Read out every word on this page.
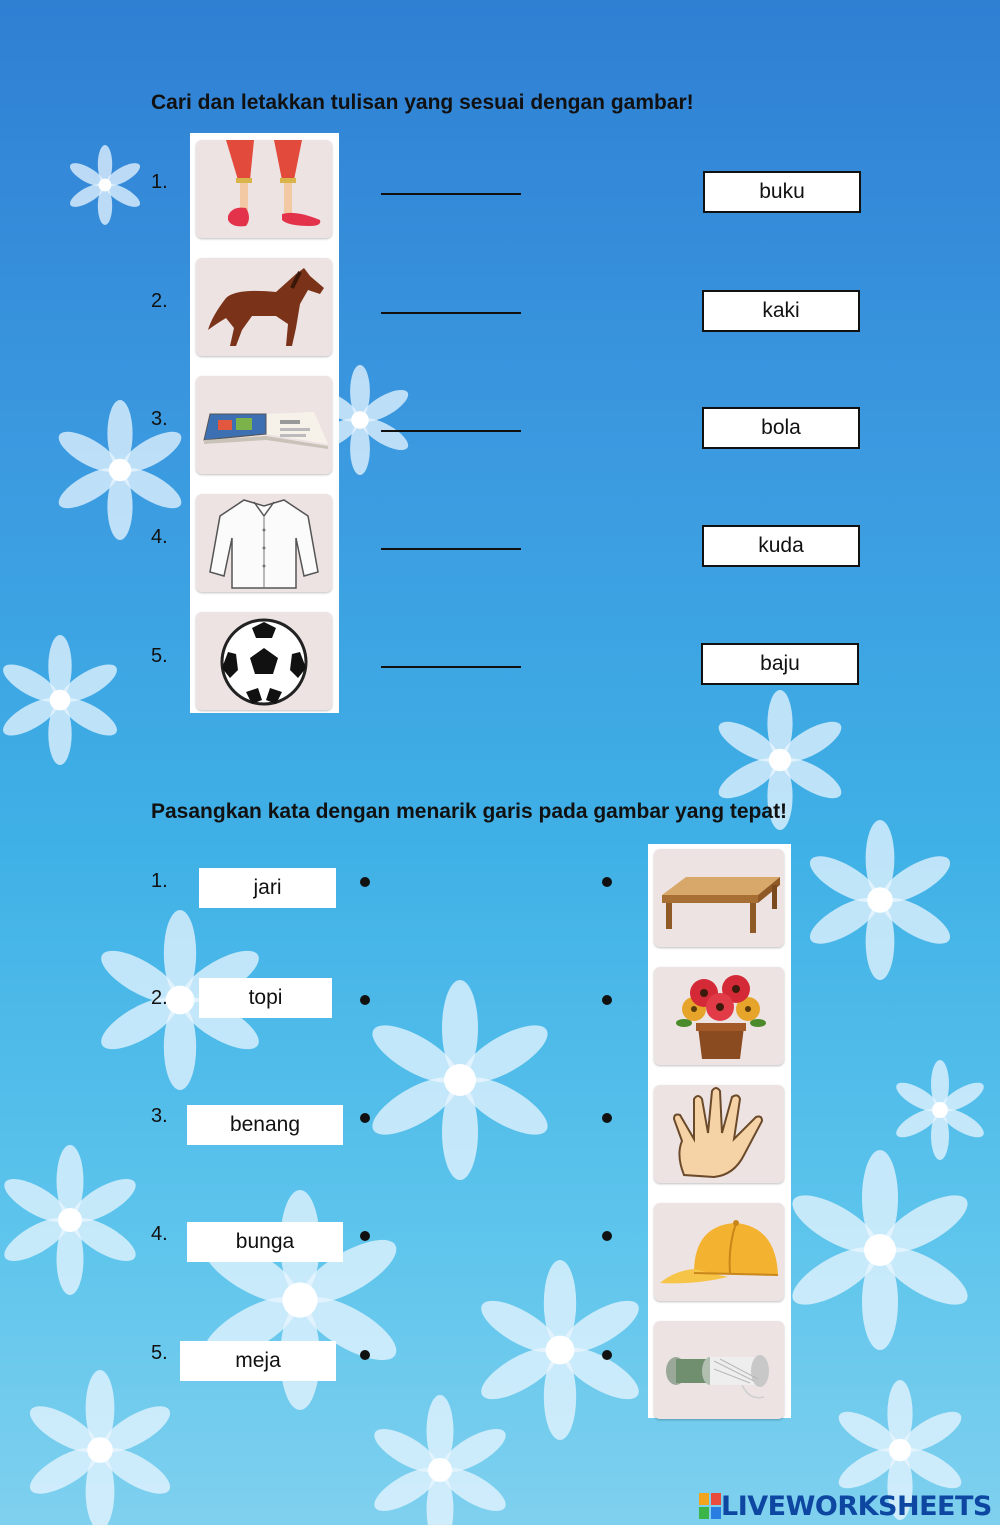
Cari dan letakkan tulisan yang sesuai dengan gambar!
1.
2.
3.
4.
5.
buku
kaki
bola
kuda
baju
Pasangkan kata dengan menarik garis pada gambar yang tepat!
1.
2.
3.
4.
5.
jari
topi
benang
bunga
meja
LIVEWORKSHEETS
